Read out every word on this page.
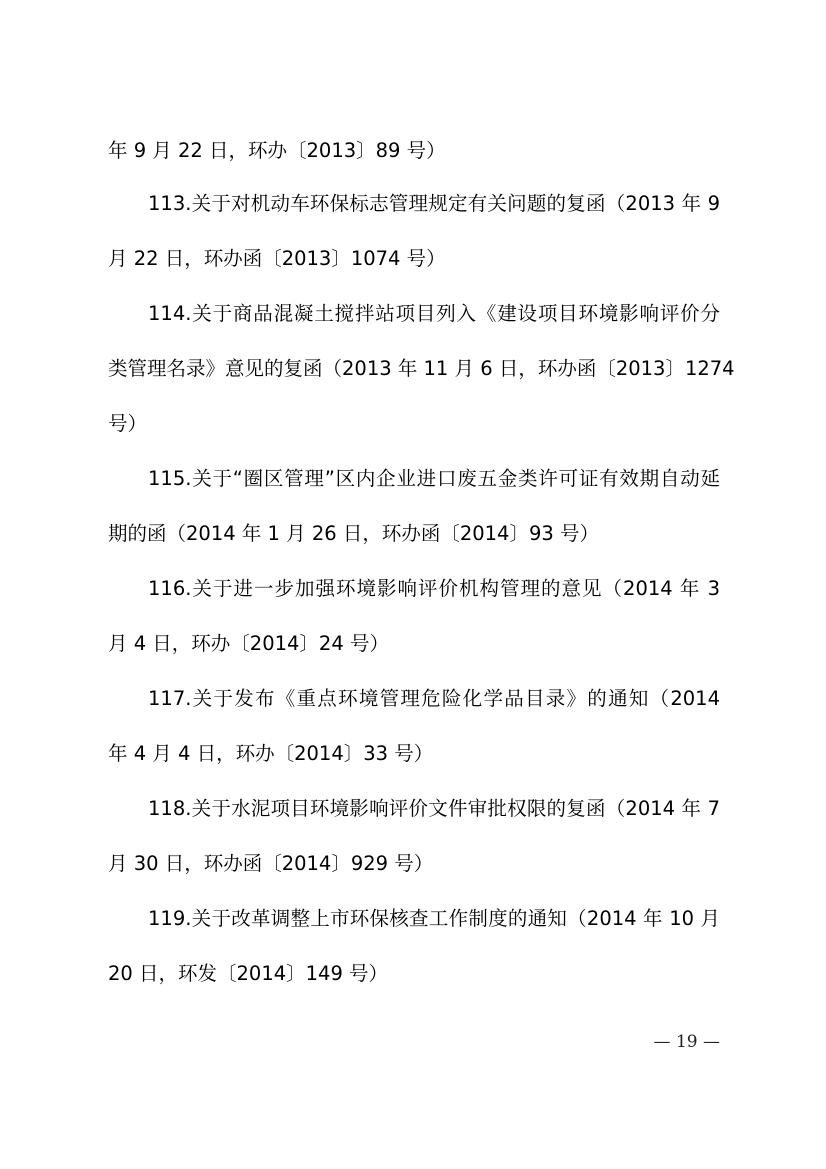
年 9 月 22 日，环办〔2013〕89 号）
113.关于对机动车环保标志管理规定有关问题的复函（2013 年 9
月 22 日，环办函〔2013〕1074 号）
114.关于商品混凝土搅拌站项目列入《建设项目环境影响评价分
类管理名录》意见的复函（2013 年 11 月 6 日，环办函〔2013〕1274
号）
115.关于“圈区管理”区内企业进口废五金类许可证有效期自动延
期的函（2014 年 1 月 26 日，环办函〔2014〕93 号）
116.关于进一步加强环境影响评价机构管理的意见（2014 年 3
月 4 日，环办〔2014〕24 号）
117.关于发布《重点环境管理危险化学品目录》的通知（2014
年 4 月 4 日，环办〔2014〕33 号）
118.关于水泥项目环境影响评价文件审批权限的复函（2014 年 7
月 30 日，环办函〔2014〕929 号）
119.关于改革调整上市环保核查工作制度的通知（2014 年 10 月
20 日，环发〔2014〕149 号）
— 19 —
